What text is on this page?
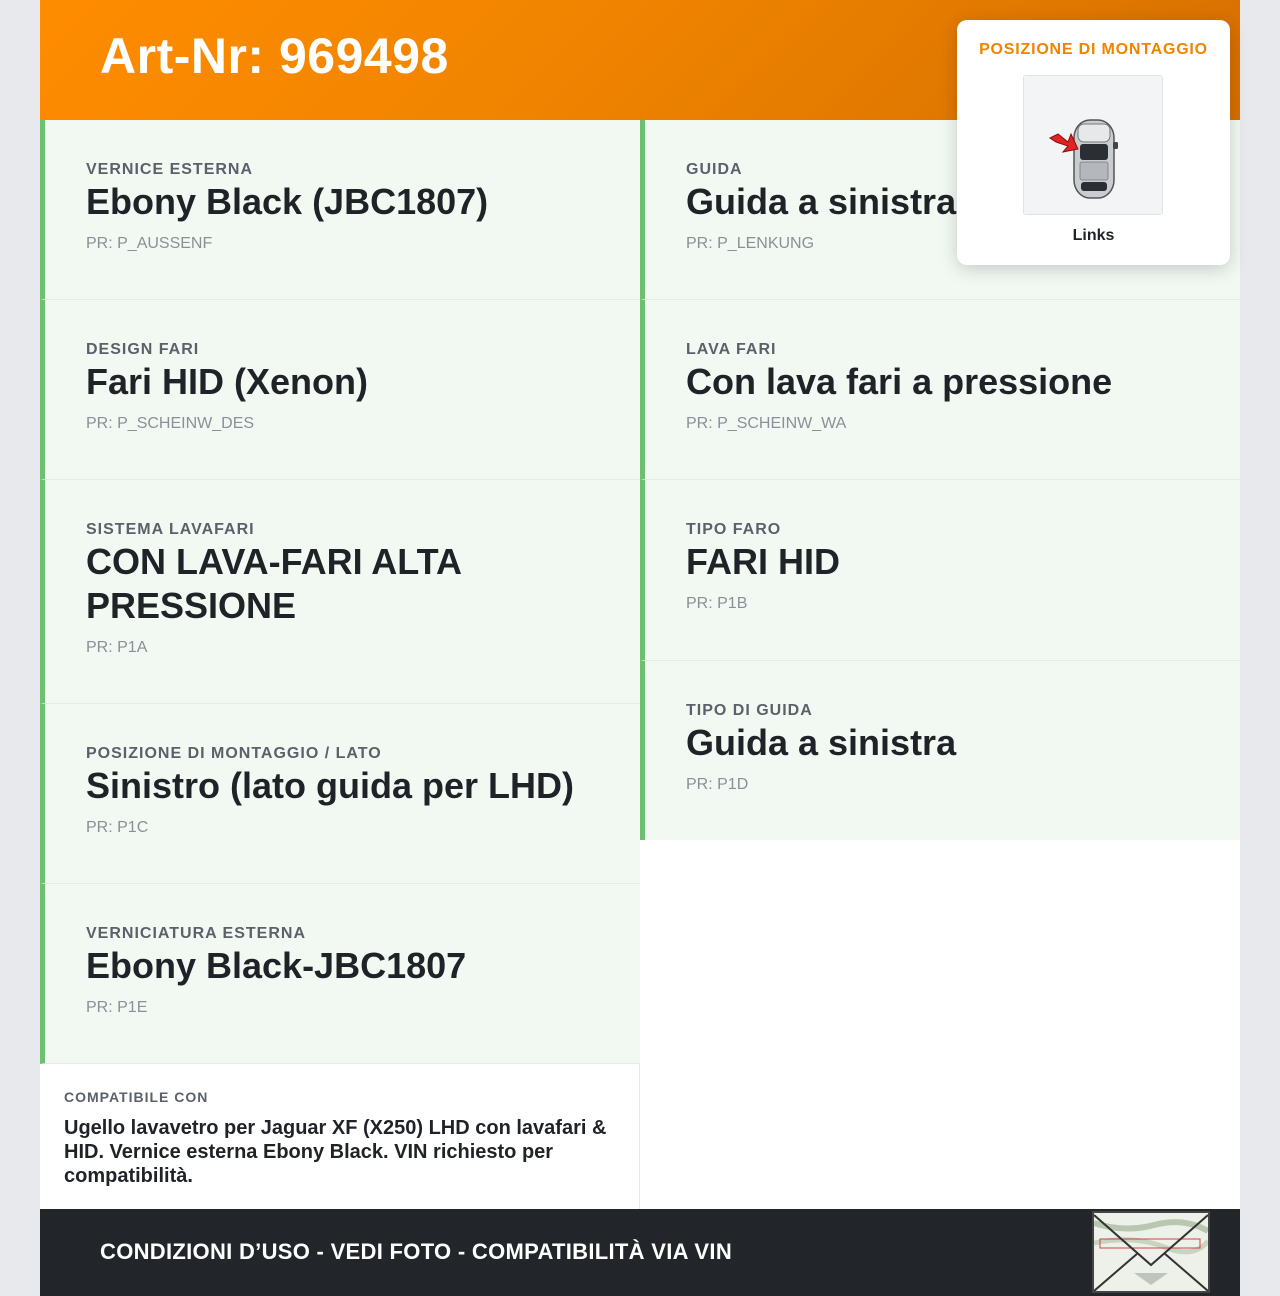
Art-Nr: 969498
VERNICE ESTERNA
Ebony Black (JBC1807)
PR: P_AUSSENF
DESIGN FARI
Fari HID (Xenon)
PR: P_SCHEINW_DES
SISTEMA LAVAFARI
CON LAVA-FARI ALTA PRESSIONE
PR: P1A
POSIZIONE DI MONTAGGIO / LATO
Sinistro (lato guida per LHD)
PR: P1C
VERNICIATURA ESTERNA
Ebony Black-JBC1807
PR: P1E
GUIDA
Guida a sinistra
PR: P_LENKUNG
LAVA FARI
Con lava fari a pressione
PR: P_SCHEINW_WA
TIPO FARO
FARI HID
PR: P1B
TIPO DI GUIDA
Guida a sinistra
PR: P1D
COMPATIBILE CON
Ugello lavavetro per Jaguar XF (X250) LHD con lavafari & HID. Vernice esterna Ebony Black. VIN richiesto per compatibilità.
CONDIZIONI D’USO - VEDI FOTO - COMPATIBILITÀ VIA VIN
POSIZIONE DI MONTAGGIO
Links
